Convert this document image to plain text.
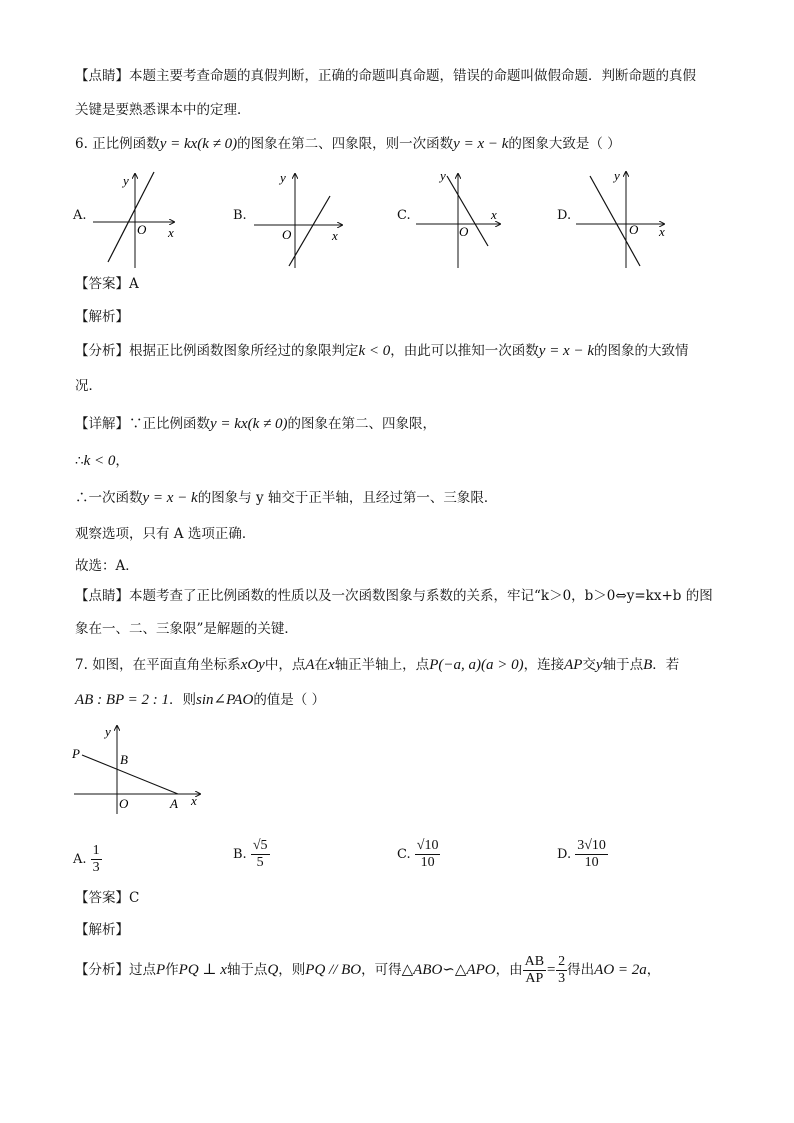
【点睛】本题主要考查命题的真假判断，正确的命题叫真命题，错误的命题叫做假命题．判断命题的真假
关键是要熟悉课本中的定理．
6. 正比例函数y = kx(k ≠ 0)的图象在第二、四象限，则一次函数y = x − k的图象大致是（ ）
A.
y
x
O
B.
y
x
O
C.
y
x
O
D.
y
x
O
【答案】A
【解析】
【分析】根据正比例函数图象所经过的象限判定k < 0，由此可以推知一次函数y = x − k的图象的大致情
况．
【详解】∵正比例函数y = kx(k ≠ 0)的图象在第二、四象限，
∴k < 0，
∴一次函数y = x − k的图象与 y 轴交于正半轴，且经过第一、三象限．
观察选项，只有 A 选项正确．
故选：A．
【点睛】本题考查了正比例函数的性质以及一次函数图象与系数的关系，牢记“k＞0，b＞0⇔y=kx+b 的图
象在一、二、三象限”是解题的关键．
7. 如图，在平面直角坐标系xOy中，点A在x轴正半轴上，点P(−a, a)(a > 0)，连接AP交y轴于点B．若
AB : BP = 2 : 1．则sin∠PAO的值是（ ）
P	B
O	A x
y
A. $\frac{1}{3}$	B. $\frac{√5}{5}$	C. $\frac{√10}{10}$	D. $\frac{3√10}{10}$
【答案】C
【解析】
【分析】过点P作PQ ⊥ x轴于点Q，则PQ // BO，可得△ABO∽△APO，由 $\frac{AB}{AP} = \frac{2}{3}$ 得出AO = 2a，
